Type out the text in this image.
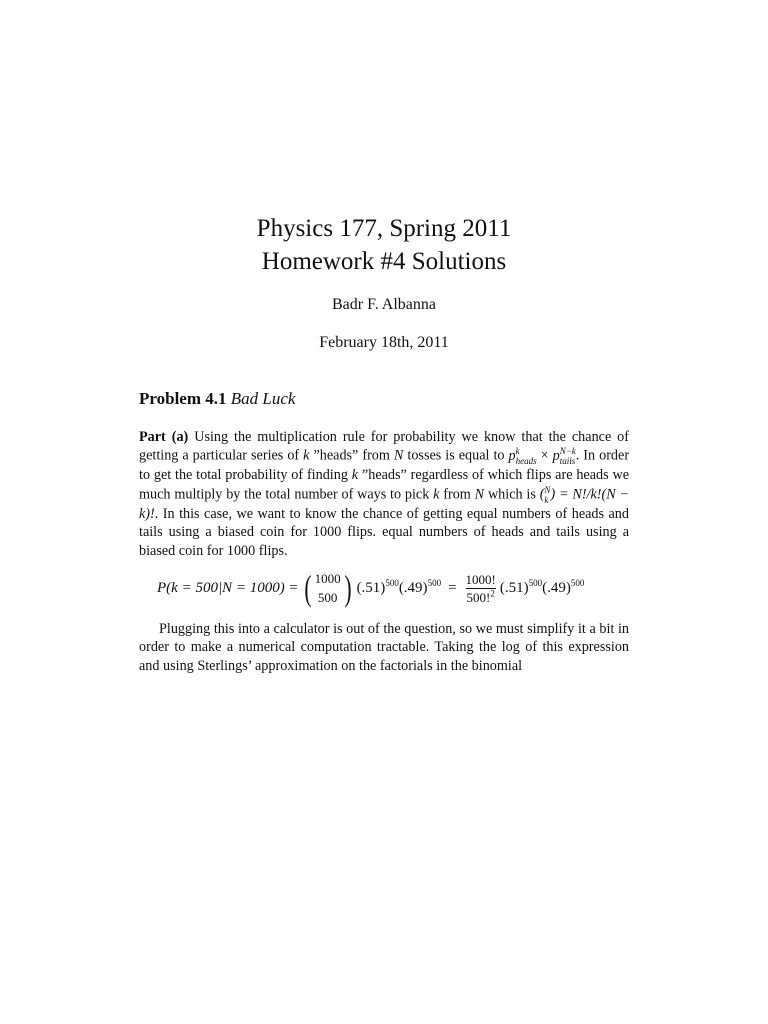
Physics 177, Spring 2011
Homework #4 Solutions
Badr F. Albanna
February 18th, 2011
Problem 4.1 Bad Luck
Part (a) Using the multiplication rule for probability we know that the chance of getting a particular series of k ”heads” from N tosses is equal to pk
heads × pN−k
tails. In order to get the total probability of finding k ”heads” regardless of which flips are heads we much multiply by the total number of ways to pick k from N which is (N
k ) = N!/k!(N − k)!. In this case, we want to know the chance of getting equal numbers of heads and tails using a biased coin for 1000 flips. equal numbers of heads and tails using a biased coin for 1000 flips.
P(k = 500|N = 1000) = ( 1000
500 ) $(.51)^{500}(.49)^{500} = \frac{1000!}{500!^2} (.51)^{500}(.49)^{500}$
Plugging this into a calculator is out of the question, so we must simplify it a bit in order to make a numerical computation tractable. Taking the log of this expression and using Sterlings’ approximation on the factorials in the binomial
